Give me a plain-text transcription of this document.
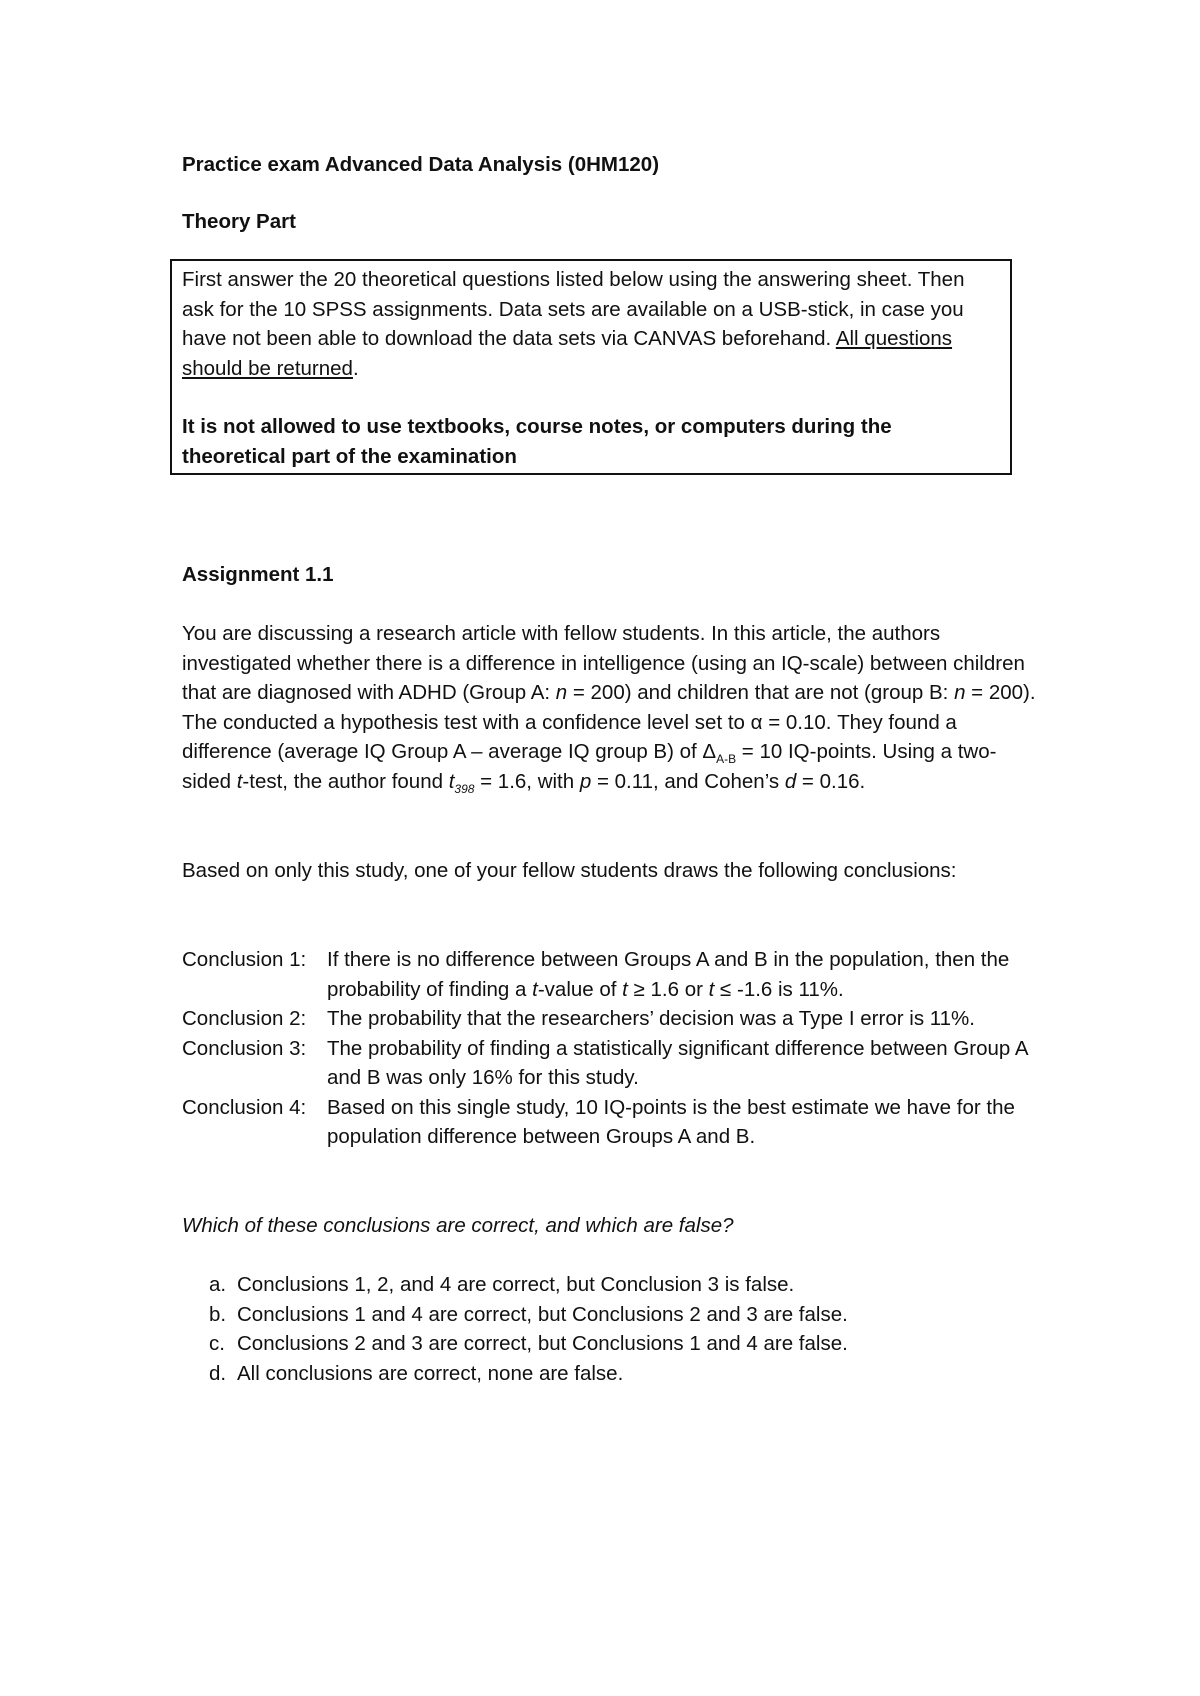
Practice exam Advanced Data Analysis (0HM120)

Theory Part

First answer the 20 theoretical questions listed below using the answering sheet. Then ask for the 10 SPSS assignments. Data sets are available on a USB-stick, in case you have not been able to download the data sets via CANVAS beforehand. All questions should be returned.

It is not allowed to use textbooks, course notes, or computers during the theoretical part of the examination

Assignment 1.1

You are discussing a research article with fellow students. In this article, the authors investigated whether there is a difference in intelligence (using an IQ-scale) between children that are diagnosed with ADHD (Group A: n = 200) and children that are not (group B: n = 200). The conducted a hypothesis test with a confidence level set to α = 0.10. They found a difference (average IQ Group A – average IQ group B) of $\Delta_{A-B} = 10$ IQ-points. Using a two-sided t-test, the author found $t_{398} = 1.6$, with p = 0.11, and Cohen’s d = 0.16.

Based on only this study, one of your fellow students draws the following conclusions:

Conclusion 1:	If there is no difference between Groups A and B in the population, then the probability of finding a t-value of t ≥ 1.6 or t ≤ -1.6 is 11%.
Conclusion 2:	The probability that the researchers’ decision was a Type I error is 11%.
Conclusion 3:	The probability of finding a statistically significant difference between Group A and B was only 16% for this study.
Conclusion 4:	Based on this single study, 10 IQ-points is the best estimate we have for the population difference between Groups A and B.

Which of these conclusions are correct, and which are false?

a. Conclusions 1, 2, and 4 are correct, but Conclusion 3 is false.
b. Conclusions 1 and 4 are correct, but Conclusions 2 and 3 are false.
c. Conclusions 2 and 3 are correct, but Conclusions 1 and 4 are false.
d. All conclusions are correct, none are false.
